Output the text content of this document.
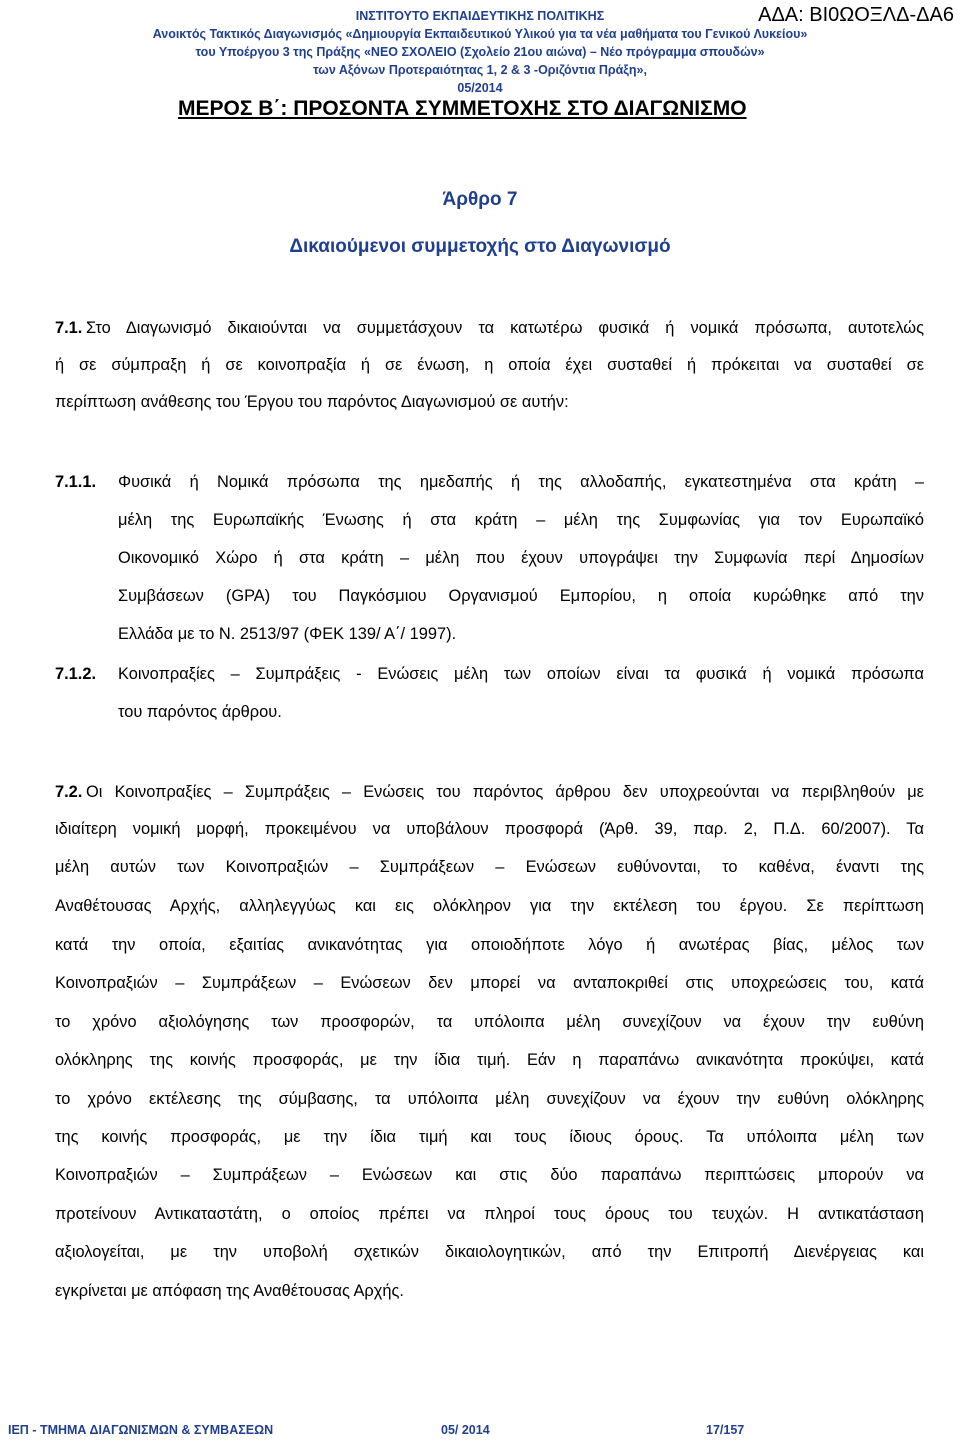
ΙΝΣΤΙΤΟΥΤΟ ΕΚΠΑΙΔΕΥΤΙΚΗΣ ΠΟΛΙΤΙΚΗΣ
Ανοικτός Τακτικός Διαγωνισμός «Δημιουργία Εκπαιδευτικού Υλικού για τα νέα μαθήματα του Γενικού Λυκείου»
του Υποέργου 3 της Πράξης «ΝΕΟ ΣΧΟΛΕΙΟ (Σχολείο 21ου αιώνα) – Νέο πρόγραμμα σπουδών»
των Αξόνων Προτεραιότητας 1, 2 & 3 -Οριζόντια Πράξη»,
05/2014
ΑΔΑ: ΒΙ0ΩΟΞΛΔ-ΔΑ6
ΜΕΡΟΣ Β΄: ΠΡΟΣΟΝΤΑ ΣΥΜΜΕΤΟΧΗΣ ΣΤΟ ΔΙΑΓΩΝΙΣΜΟ
Άρθρο 7
Δικαιούμενοι συμμετοχής στο Διαγωνισμό
7.1. Στο Διαγωνισμό δικαιούνται να συμμετάσχουν τα κατωτέρω φυσικά ή νομικά πρόσωπα, αυτοτελώς
ή σε σύμπραξη ή σε κοινοπραξία ή σε ένωση, η οποία έχει συσταθεί ή πρόκειται να συσταθεί σε
περίπτωση ανάθεσης του Έργου του παρόντος Διαγωνισμού σε αυτήν:
7.1.1. Φυσικά ή Νομικά πρόσωπα της ημεδαπής ή της αλλοδαπής, εγκατεστημένα στα κράτη –
μέλη της Ευρωπαϊκής Ένωσης ή στα κράτη – μέλη της Συμφωνίας για τον Ευρωπαϊκό
Οικονομικό Χώρο ή στα κράτη – μέλη που έχουν υπογράψει την Συμφωνία περί Δημοσίων
Συμβάσεων (GPA) του Παγκόσμιου Οργανισμού Εμπορίου, η οποία κυρώθηκε από την
Ελλάδα με το Ν. 2513/97 (ΦΕΚ 139/ Α΄/ 1997).
7.1.2. Κοινοπραξίες – Συμπράξεις - Ενώσεις μέλη των οποίων είναι τα φυσικά ή νομικά πρόσωπα
του παρόντος άρθρου.
7.2. Οι Κοινοπραξίες – Συμπράξεις – Ενώσεις του παρόντος άρθρου δεν υποχρεούνται να περιβληθούν με
ιδιαίτερη νομική μορφή, προκειμένου να υποβάλουν προσφορά (Άρθ. 39, παρ. 2, Π.Δ. 60/2007). Τα
μέλη αυτών των Κοινοπραξιών – Συμπράξεων – Ενώσεων ευθύνονται, το καθένα, έναντι της
Αναθέτουσας Αρχής, αλληλεγγύως και εις ολόκληρον για την εκτέλεση του έργου. Σε περίπτωση
κατά την οποία, εξαιτίας ανικανότητας για οποιοδήποτε λόγο ή ανωτέρας βίας, μέλος των
Κοινοπραξιών – Συμπράξεων – Ενώσεων δεν μπορεί να ανταποκριθεί στις υποχρεώσεις του, κατά
το χρόνο αξιολόγησης των προσφορών, τα υπόλοιπα μέλη συνεχίζουν να έχουν την ευθύνη
ολόκληρης της κοινής προσφοράς, με την ίδια τιμή. Εάν η παραπάνω ανικανότητα προκύψει, κατά
το χρόνο εκτέλεσης της σύμβασης, τα υπόλοιπα μέλη συνεχίζουν να έχουν την ευθύνη ολόκληρης
της κοινής προσφοράς, με την ίδια τιμή και τους ίδιους όρους. Τα υπόλοιπα μέλη των
Κοινοπραξιών – Συμπράξεων – Ενώσεων και στις δύο παραπάνω περιπτώσεις μπορούν να
προτείνουν Αντικαταστάτη, ο οποίος πρέπει να πληροί τους όρους του τευχών. Η αντικατάσταση
αξιολογείται, με την υποβολή σχετικών δικαιολογητικών, από την Επιτροπή Διενέργειας και
εγκρίνεται με απόφαση της Αναθέτουσας Αρχής.
ΙΕΠ - ΤΜΗΜΑ ΔΙΑΓΩΝΙΣΜΩΝ & ΣΥΜΒΑΣΕΩΝ	05/ 2014	17/157
